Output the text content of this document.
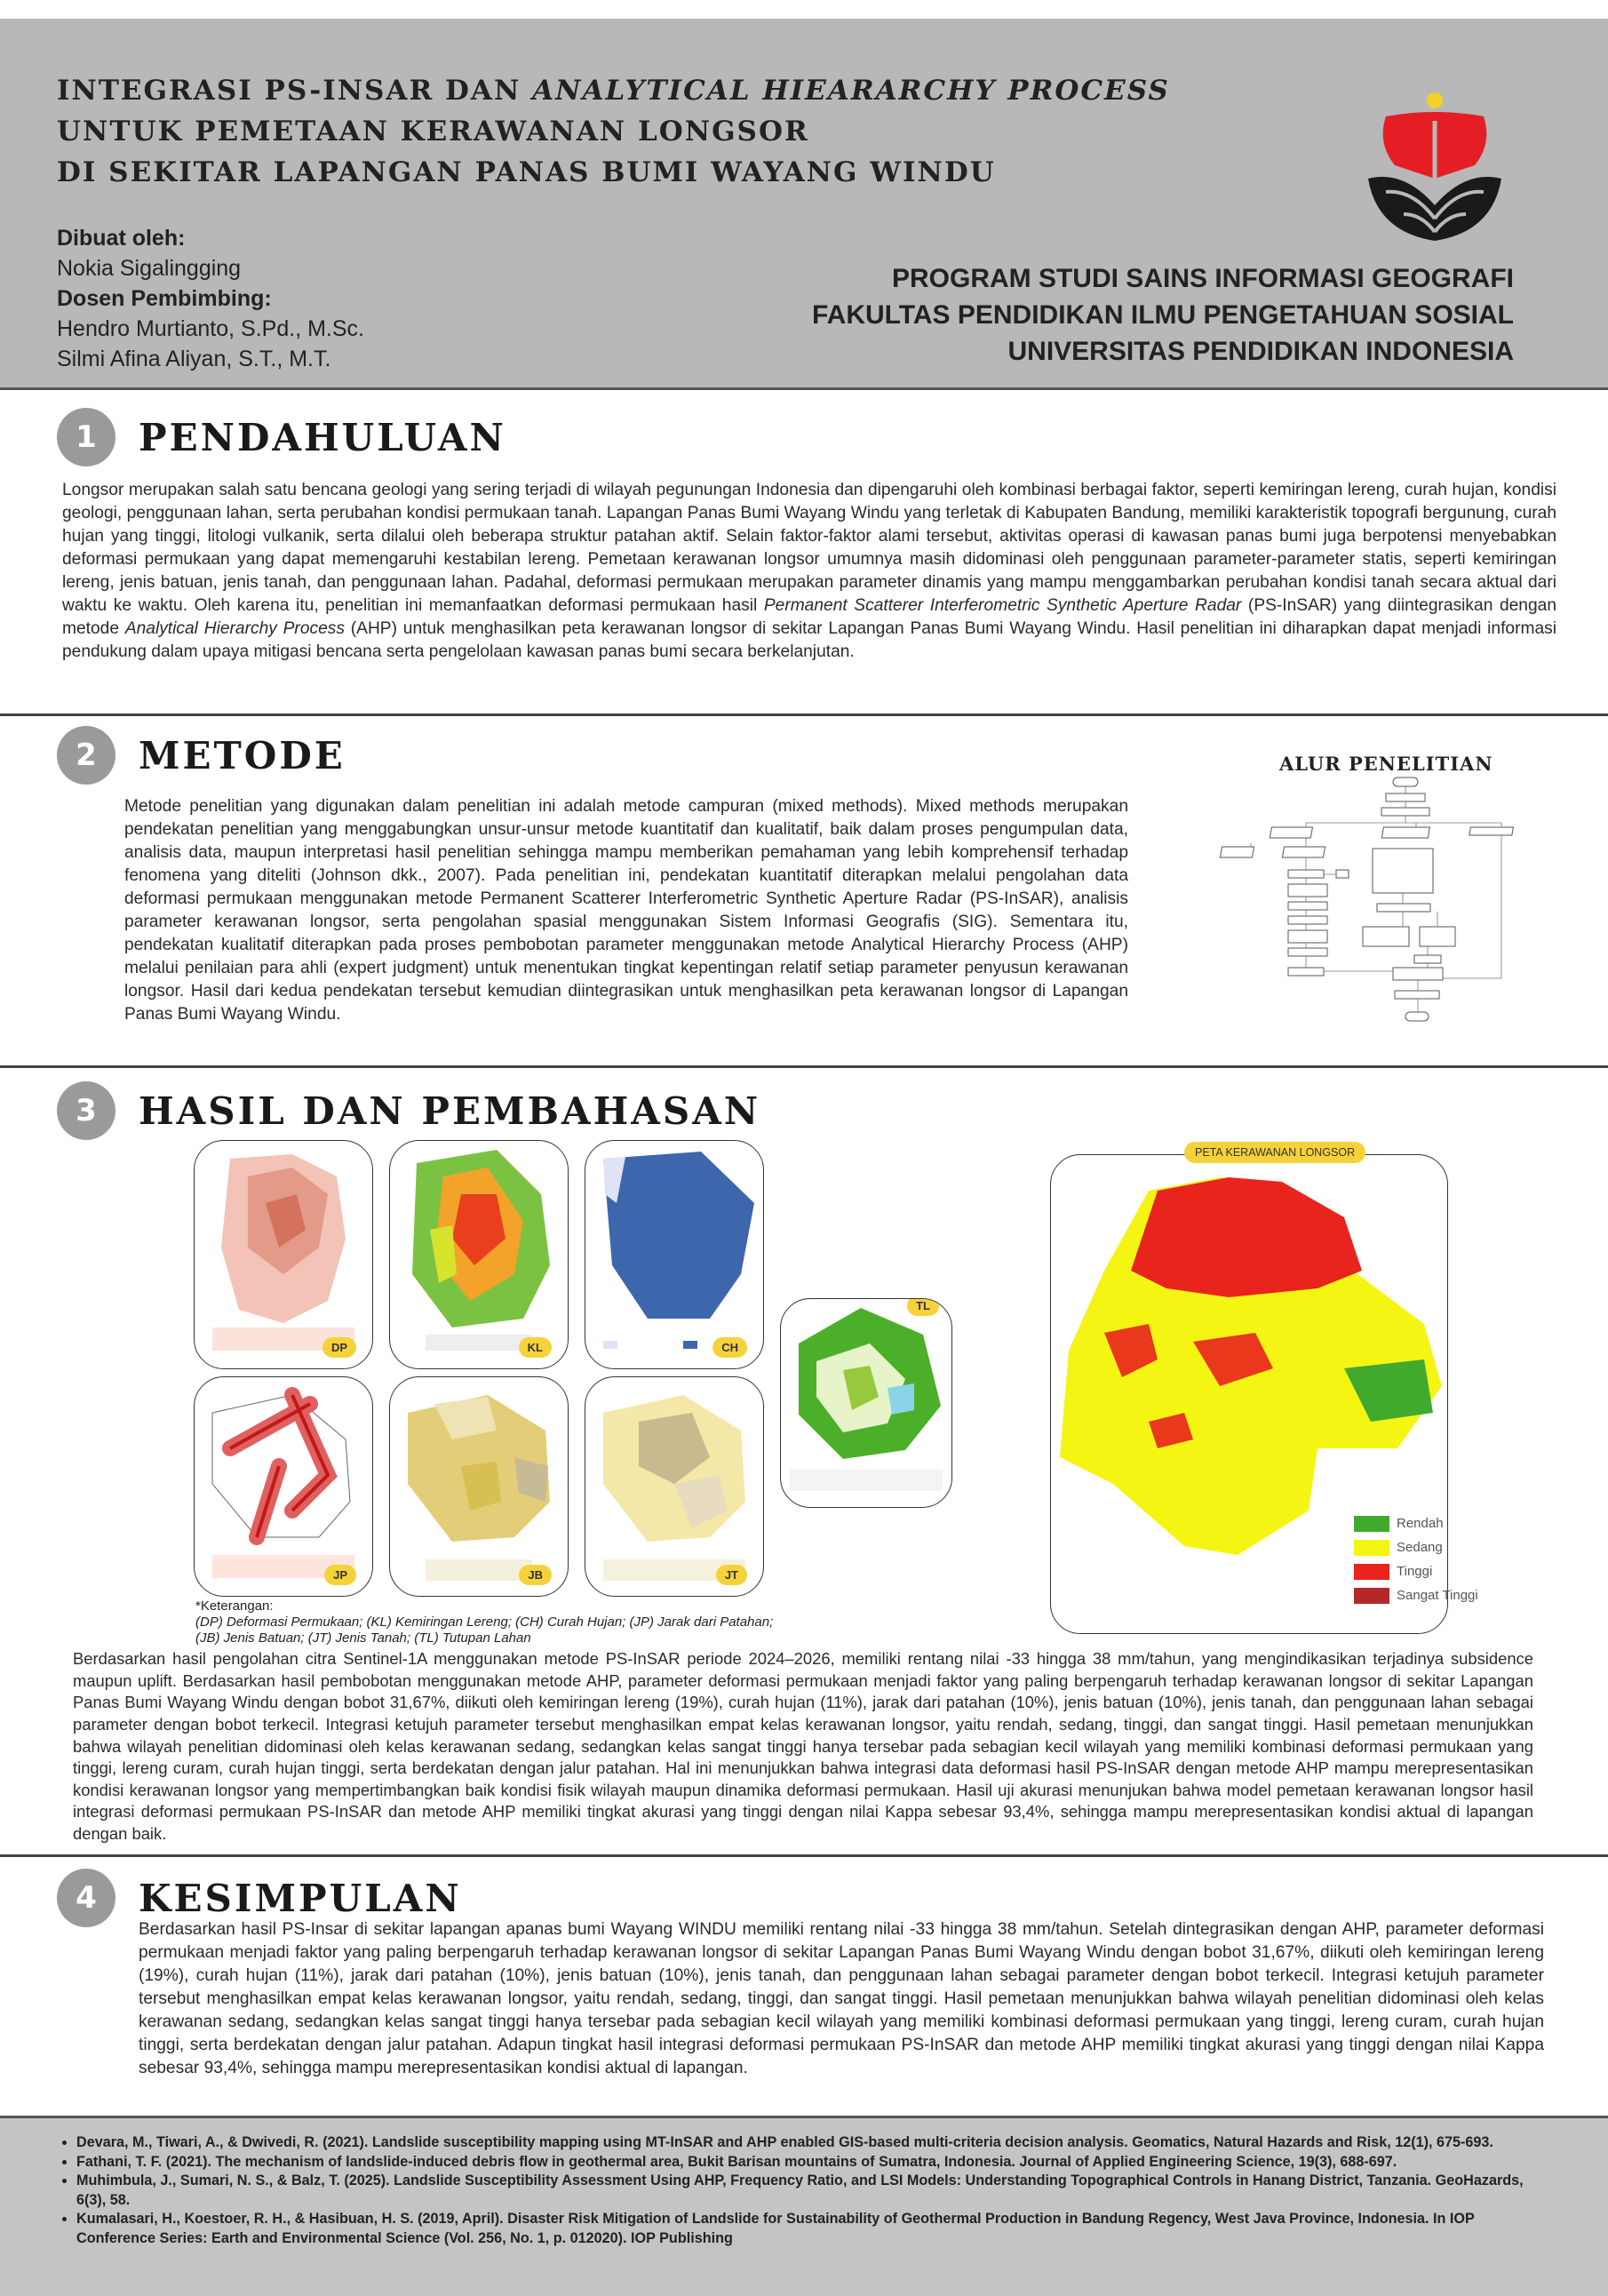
INTEGRASI PS-INSAR DAN ANALYTICAL HIEARARCHY PROCESS
UNTUK PEMETAAN KERAWANAN LONGSOR
DI SEKITAR LAPANGAN PANAS BUMI WAYANG WINDU
Dibuat oleh:
Nokia Sigalingging
Dosen Pembimbing:
Hendro Murtianto, S.Pd., M.Sc.
Silmi Afina Aliyan, S.T., M.T.
PROGRAM STUDI SAINS INFORMASI GEOGRAFI
FAKULTAS PENDIDIKAN ILMU PENGETAHUAN SOSIAL
UNIVERSITAS PENDIDIKAN INDONESIA
1	PENDAHULUAN
Longsor merupakan salah satu bencana geologi yang sering terjadi di wilayah pegunungan Indonesia dan dipengaruhi oleh kombinasi berbagai faktor, seperti kemiringan lereng, curah hujan, kondisi geologi, penggunaan lahan, serta perubahan kondisi permukaan tanah. Lapangan Panas Bumi Wayang Windu yang terletak di Kabupaten Bandung, memiliki karakteristik topografi bergunung, curah hujan yang tinggi, litologi vulkanik, serta dilalui oleh beberapa struktur patahan aktif. Selain faktor-faktor alami tersebut, aktivitas operasi di kawasan panas bumi juga berpotensi menyebabkan deformasi permukaan yang dapat memengaruhi kestabilan lereng. Pemetaan kerawanan longsor umumnya masih didominasi oleh penggunaan parameter-parameter statis, seperti kemiringan lereng, jenis batuan, jenis tanah, dan penggunaan lahan. Padahal, deformasi permukaan merupakan parameter dinamis yang mampu menggambarkan perubahan kondisi tanah secara aktual dari waktu ke waktu. Oleh karena itu, penelitian ini memanfaatkan deformasi permukaan hasil Permanent Scatterer Interferometric Synthetic Aperture Radar (PS-InSAR) yang diintegrasikan dengan metode Analytical Hierarchy Process (AHP) untuk menghasilkan peta kerawanan longsor di sekitar Lapangan Panas Bumi Wayang Windu. Hasil penelitian ini diharapkan dapat menjadi informasi pendukung dalam upaya mitigasi bencana serta pengelolaan kawasan panas bumi secara berkelanjutan.
2	METODE
Metode penelitian yang digunakan dalam penelitian ini adalah metode campuran (mixed methods). Mixed methods merupakan pendekatan penelitian yang menggabungkan unsur-unsur metode kuantitatif dan kualitatif, baik dalam proses pengumpulan data, analisis data, maupun interpretasi hasil penelitian sehingga mampu memberikan pemahaman yang lebih komprehensif terhadap fenomena yang diteliti (Johnson dkk., 2007). Pada penelitian ini, pendekatan kuantitatif diterapkan melalui pengolahan data deformasi permukaan menggunakan metode Permanent Scatterer Interferometric Synthetic Aperture Radar (PS-InSAR), analisis parameter kerawanan longsor, serta pengolahan spasial menggunakan Sistem Informasi Geografis (SIG). Sementara itu, pendekatan kualitatif diterapkan pada proses pembobotan parameter menggunakan metode Analytical Hierarchy Process (AHP) melalui penilaian para ahli (expert judgment) untuk menentukan tingkat kepentingan relatif setiap parameter penyusun kerawanan longsor. Hasil dari kedua pendekatan tersebut kemudian diintegrasikan untuk menghasilkan peta kerawanan longsor di Lapangan Panas Bumi Wayang Windu.
ALUR PENELITIAN
3	HASIL DAN PEMBAHASAN
DP	KL	CH
TL
JP	JB	JT
*Keterangan:
(DP) Deformasi Permukaan; (KL) Kemiringan Lereng; (CH) Curah Hujan; (JP) Jarak dari Patahan;
(JB) Jenis Batuan; (JT) Jenis Tanah; (TL) Tutupan Lahan
PETA KERAWANAN LONGSOR
Rendah
Sedang
Tinggi
Sangat Tinggi
Berdasarkan hasil pengolahan citra Sentinel-1A menggunakan metode PS-InSAR periode 2024–2026, memiliki rentang nilai -33 hingga 38 mm/tahun, yang mengindikasikan terjadinya subsidence maupun uplift. Berdasarkan hasil pembobotan menggunakan metode AHP, parameter deformasi permukaan menjadi faktor yang paling berpengaruh terhadap kerawanan longsor di sekitar Lapangan Panas Bumi Wayang Windu dengan bobot 31,67%, diikuti oleh kemiringan lereng (19%), curah hujan (11%), jarak dari patahan (10%), jenis batuan (10%), jenis tanah, dan penggunaan lahan sebagai parameter dengan bobot terkecil. Integrasi ketujuh parameter tersebut menghasilkan empat kelas kerawanan longsor, yaitu rendah, sedang, tinggi, dan sangat tinggi. Hasil pemetaan menunjukkan bahwa wilayah penelitian didominasi oleh kelas kerawanan sedang, sedangkan kelas sangat tinggi hanya tersebar pada sebagian kecil wilayah yang memiliki kombinasi deformasi permukaan yang tinggi, lereng curam, curah hujan tinggi, serta berdekatan dengan jalur patahan. Hal ini menunjukkan bahwa integrasi data deformasi hasil PS-InSAR dengan metode AHP mampu merepresentasikan kondisi kerawanan longsor yang mempertimbangkan baik kondisi fisik wilayah maupun dinamika deformasi permukaan. Hasil uji akurasi menunjukan bahwa model pemetaan kerawanan longsor hasil integrasi deformasi permukaan PS-InSAR dan metode AHP memiliki tingkat akurasi yang tinggi dengan nilai Kappa sebesar 93,4%, sehingga mampu merepresentasikan kondisi aktual di lapangan dengan baik.
4	KESIMPULAN
Berdasarkan hasil PS-Insar di sekitar lapangan apanas bumi Wayang WINDU memiliki rentang nilai -33 hingga 38 mm/tahun. Setelah dintegrasikan dengan AHP, parameter deformasi permukaan menjadi faktor yang paling berpengaruh terhadap kerawanan longsor di sekitar Lapangan Panas Bumi Wayang Windu dengan bobot 31,67%, diikuti oleh kemiringan lereng (19%), curah hujan (11%), jarak dari patahan (10%), jenis batuan (10%), jenis tanah, dan penggunaan lahan sebagai parameter dengan bobot terkecil. Integrasi ketujuh parameter tersebut menghasilkan empat kelas kerawanan longsor, yaitu rendah, sedang, tinggi, dan sangat tinggi. Hasil pemetaan menunjukkan bahwa wilayah penelitian didominasi oleh kelas kerawanan sedang, sedangkan kelas sangat tinggi hanya tersebar pada sebagian kecil wilayah yang memiliki kombinasi deformasi permukaan yang tinggi, lereng curam, curah hujan tinggi, serta berdekatan dengan jalur patahan. Adapun tingkat hasil integrasi deformasi permukaan PS-InSAR dan metode AHP memiliki tingkat akurasi yang tinggi dengan nilai Kappa sebesar 93,4%, sehingga mampu merepresentasikan kondisi aktual di lapangan.
• Devara, M., Tiwari, A., & Dwivedi, R. (2021). Landslide susceptibility mapping using MT-InSAR and AHP enabled GIS-based multi-criteria decision analysis. Geomatics, Natural Hazards and Risk, 12(1), 675-693.
• Fathani, T. F. (2021). The mechanism of landslide-induced debris flow in geothermal area, Bukit Barisan mountains of Sumatra, Indonesia. Journal of Applied Engineering Science, 19(3), 688-697.
• Muhimbula, J., Sumari, N. S., & Balz, T. (2025). Landslide Susceptibility Assessment Using AHP, Frequency Ratio, and LSI Models: Understanding Topographical Controls in Hanang District, Tanzania. GeoHazards, 6(3), 58.
• Kumalasari, H., Koestoer, R. H., & Hasibuan, H. S. (2019, April). Disaster Risk Mitigation of Landslide for Sustainability of Geothermal Production in Bandung Regency, West Java Province, Indonesia. In IOP Conference Series: Earth and Environmental Science (Vol. 256, No. 1, p. 012020). IOP Publishing
